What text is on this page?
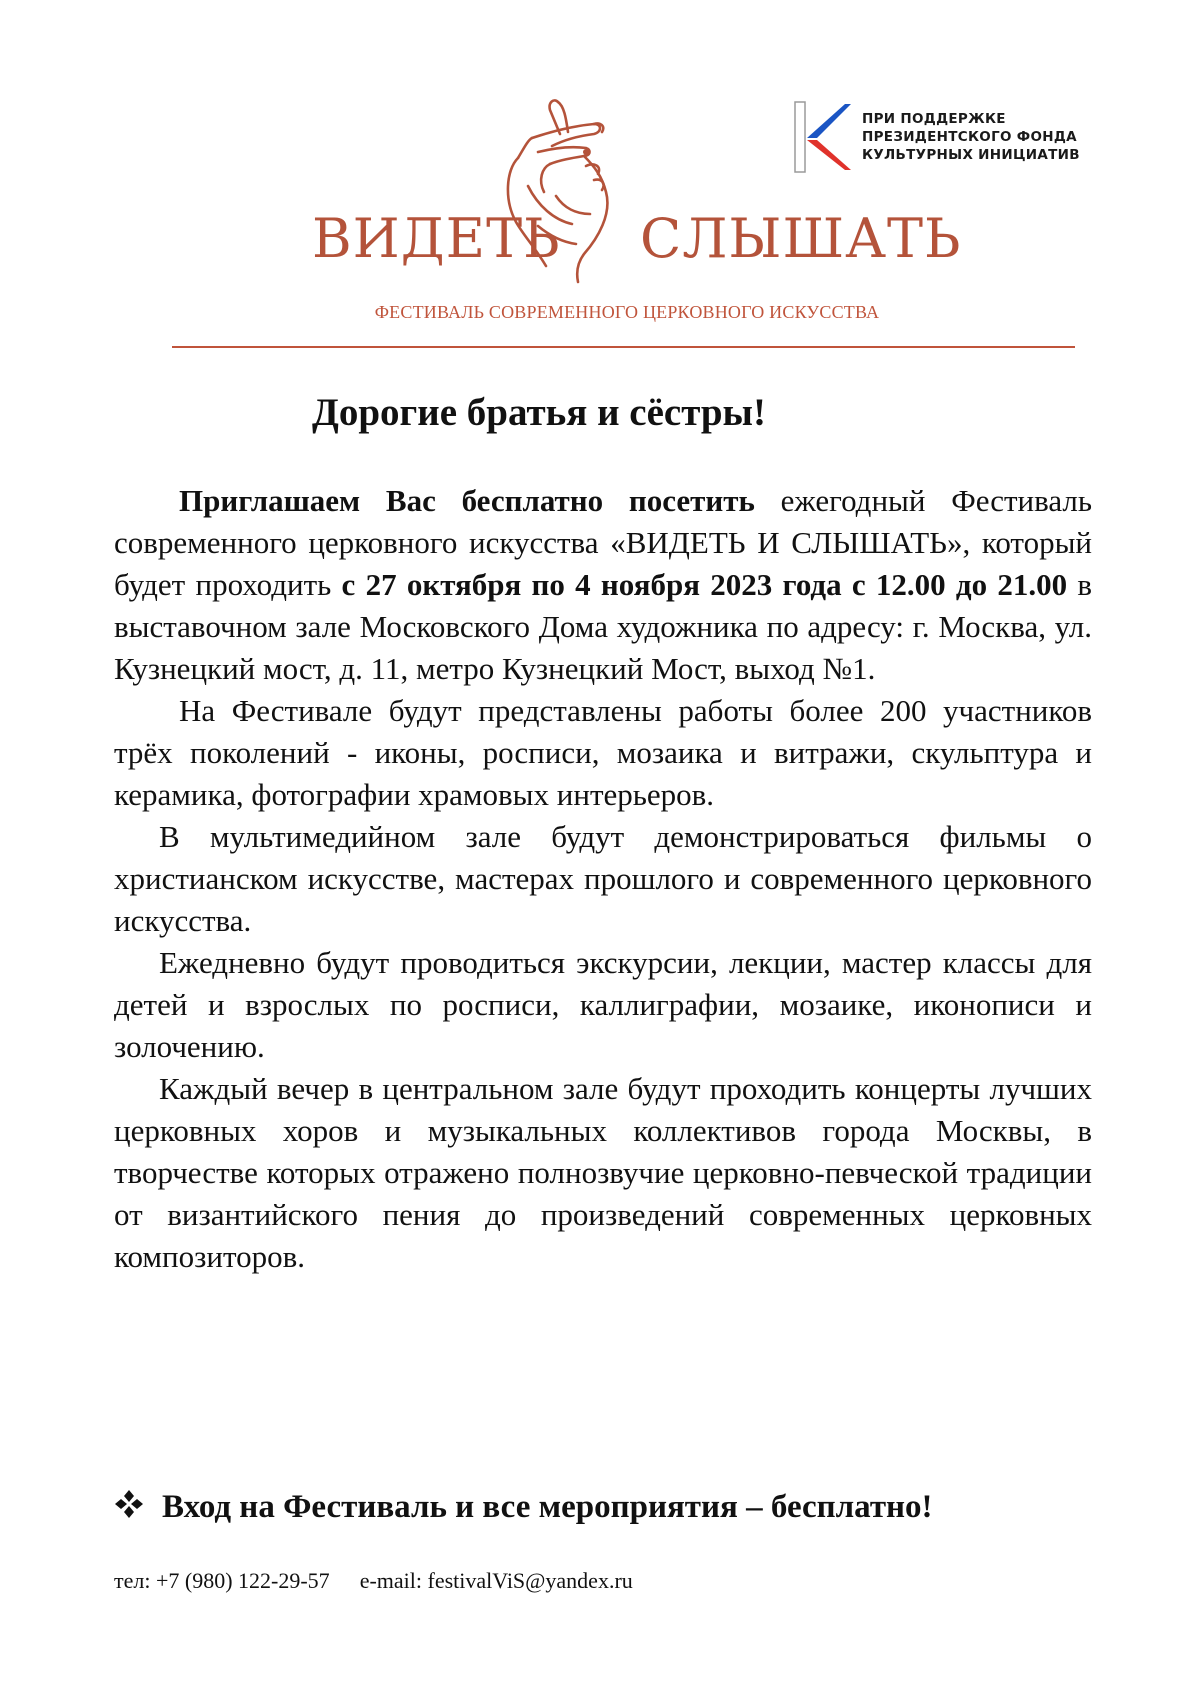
ВИДЕТЬ СЛЫШАТЬ
ФЕСТИВАЛЬ СОВРЕМЕННОГО ЦЕРКОВНОГО ИСКУССТВА
ПРИ ПОДДЕРЖКЕ
ПРЕЗИДЕНТСКОГО ФОНДА
КУЛЬТУРНЫХ ИНИЦИАТИВ
Дорогие братья и сёстры!

Приглашаем Вас бесплатно посетить ежегодный Фестиваль современного церковного искусства «ВИДЕТЬ И СЛЫШАТЬ», который будет проходить с 27 октября по 4 ноября 2023 года с 12.00 до 21.00 в выставочном зале Московского Дома художника по адресу: г. Москва, ул. Кузнецкий мост, д. 11, метро Кузнецкий Мост, выход №1.

На Фестивале будут представлены работы более 200 участников трёх поколений - иконы, росписи, мозаика и витражи, скульптура и керамика, фотографии храмовых интерьеров.

В мультимедийном зале будут демонстрироваться фильмы о христианском искусстве, мастерах прошлого и современного церковного искусства.

Ежедневно будут проводиться экскурсии, лекции, мастер классы для детей и взрослых по росписи, каллиграфии, мозаике, иконописи и золочению.

Каждый вечер в центральном зале будут проходить концерты лучших церковных хоров и музыкальных коллективов города Москвы, в творчестве которых отражено полнозвучие церковно-певческой традиции от византийского пения до произведений современных церковных композиторов.

Вход на Фестиваль и все мероприятия – бесплатно!
тел: +7 (980) 122-29-57 e-mail: festivalViS@yandex.ru
